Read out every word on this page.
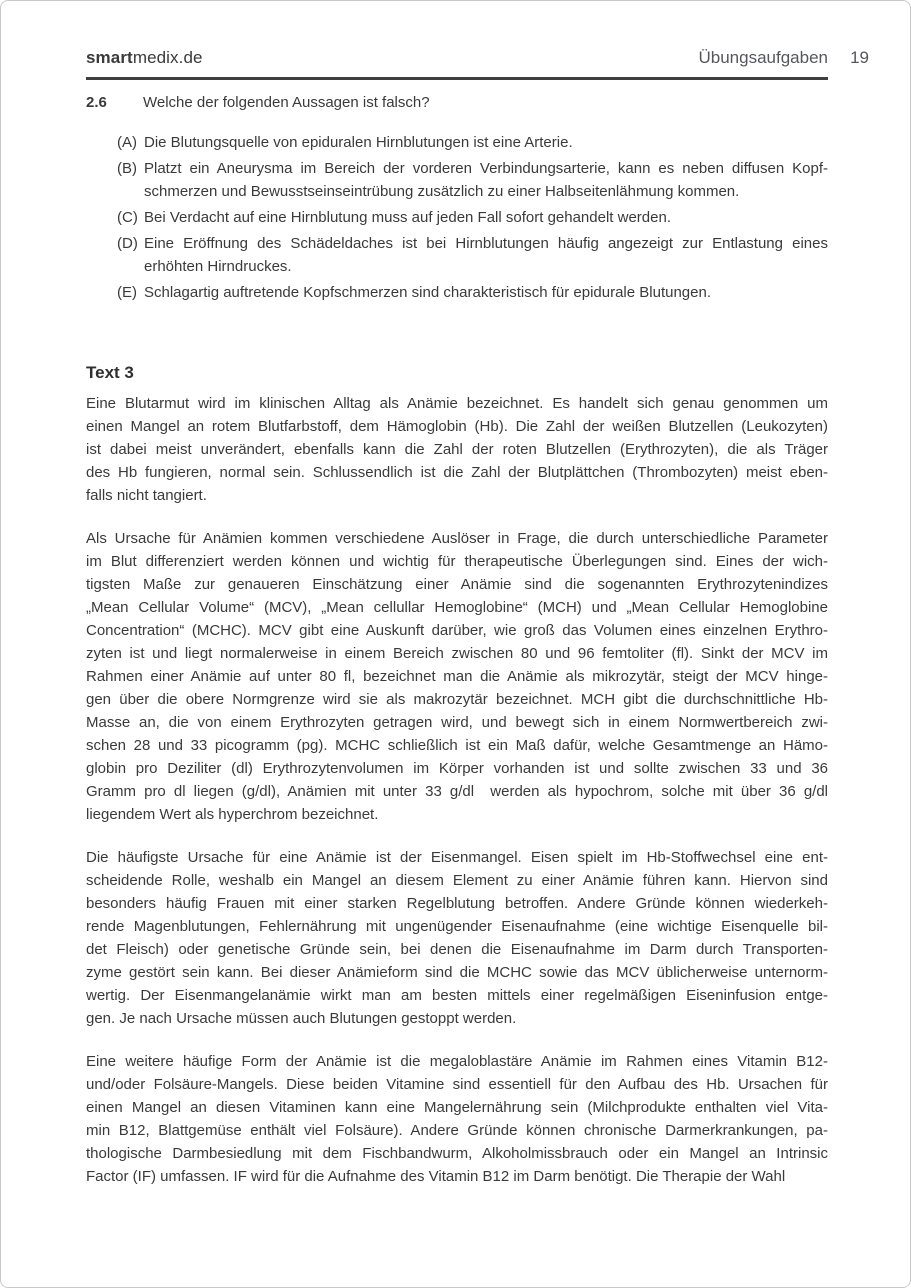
smartmedix.de	Übungsaufgaben 19
2.6	Welche der folgenden Aussagen ist falsch?
(A) Die Blutungsquelle von epiduralen Hirnblutungen ist eine Arterie.
(B) Platzt ein Aneurysma im Bereich der vorderen Verbindungsarterie, kann es neben diffusen Kopf-
schmerzen und Bewusstseinseintrübung zusätzlich zu einer Halbseitenlähmung kommen.
(C) Bei Verdacht auf eine Hirnblutung muss auf jeden Fall sofort gehandelt werden.
(D) Eine Eröffnung des Schädeldaches ist bei Hirnblutungen häufig angezeigt zur Entlastung eines
erhöhten Hirndruckes.
(E) Schlagartig auftretende Kopfschmerzen sind charakteristisch für epidurale Blutungen.
Text 3
Eine Blutarmut wird im klinischen Alltag als Anämie bezeichnet. Es handelt sich genau genommen um
einen Mangel an rotem Blutfarbstoff, dem Hämoglobin (Hb). Die Zahl der weißen Blutzellen (Leukozyten)
ist dabei meist unverändert, ebenfalls kann die Zahl der roten Blutzellen (Erythrozyten), die als Träger
des Hb fungieren, normal sein. Schlussendlich ist die Zahl der Blutplättchen (Thrombozyten) meist eben-
falls nicht tangiert.
Als Ursache für Anämien kommen verschiedene Auslöser in Frage, die durch unterschiedliche Parameter
im Blut differenziert werden können und wichtig für therapeutische Überlegungen sind. Eines der wich-
tigsten Maße zur genaueren Einschätzung einer Anämie sind die sogenannten Erythrozytenindizes
„Mean Cellular Volume“ (MCV), „Mean cellullar Hemoglobine“ (MCH) und „Mean Cellular Hemoglobine
Concentration“ (MCHC). MCV gibt eine Auskunft darüber, wie groß das Volumen eines einzelnen Erythro-
zyten ist und liegt normalerweise in einem Bereich zwischen 80 und 96 femtoliter (fl). Sinkt der MCV im
Rahmen einer Anämie auf unter 80 fl, bezeichnet man die Anämie als mikrozytär, steigt der MCV hinge-
gen über die obere Normgrenze wird sie als makrozytär bezeichnet. MCH gibt die durchschnittliche Hb-
Masse an, die von einem Erythrozyten getragen wird, und bewegt sich in einem Normwertbereich zwi-
schen 28 und 33 picogramm (pg). MCHC schließlich ist ein Maß dafür, welche Gesamtmenge an Hämo-
globin pro Deziliter (dl) Erythrozytenvolumen im Körper vorhanden ist und sollte zwischen 33 und 36
Gramm pro dl liegen (g/dl), Anämien mit unter 33 g/dl  werden als hypochrom, solche mit über 36 g/dl
liegendem Wert als hyperchrom bezeichnet.
Die häufigste Ursache für eine Anämie ist der Eisenmangel. Eisen spielt im Hb-Stoffwechsel eine ent-
scheidende Rolle, weshalb ein Mangel an diesem Element zu einer Anämie führen kann. Hiervon sind
besonders häufig Frauen mit einer starken Regelblutung betroffen. Andere Gründe können wiederkeh-
rende Magenblutungen, Fehlernährung mit ungenügender Eisenaufnahme (eine wichtige Eisenquelle bil-
det Fleisch) oder genetische Gründe sein, bei denen die Eisenaufnahme im Darm durch Transporten-
zyme gestört sein kann. Bei dieser Anämieform sind die MCHC sowie das MCV üblicherweise unternorm-
wertig. Der Eisenmangelanämie wirkt man am besten mittels einer regelmäßigen Eiseninfusion entge-
gen. Je nach Ursache müssen auch Blutungen gestoppt werden.
Eine weitere häufige Form der Anämie ist die megaloblastäre Anämie im Rahmen eines Vitamin B12-
und/oder Folsäure-Mangels. Diese beiden Vitamine sind essentiell für den Aufbau des Hb. Ursachen für
einen Mangel an diesen Vitaminen kann eine Mangelernährung sein (Milchprodukte enthalten viel Vita-
min B12, Blattgemüse enthält viel Folsäure). Andere Gründe können chronische Darmerkrankungen, pa-
thologische Darmbesiedlung mit dem Fischbandwurm, Alkoholmissbrauch oder ein Mangel an Intrinsic
Factor (IF) umfassen. IF wird für die Aufnahme des Vitamin B12 im Darm benötigt. Die Therapie der Wahl
